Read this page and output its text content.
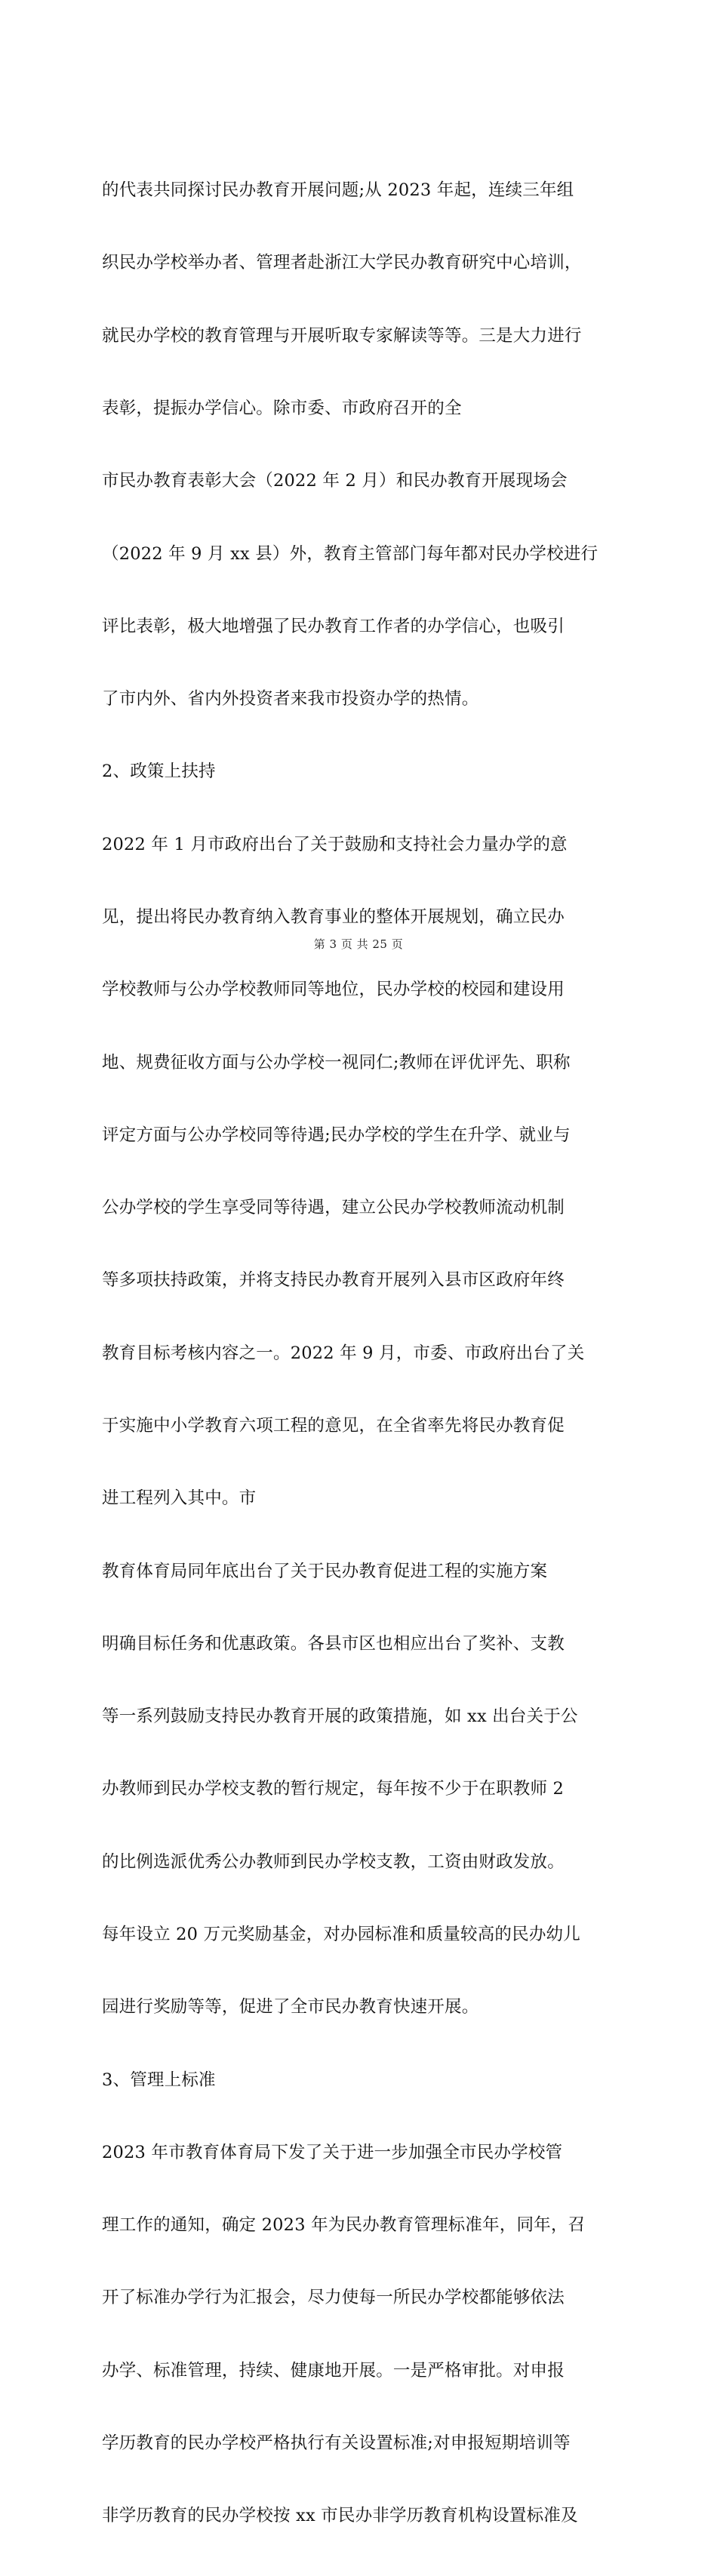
的代表共同探讨民办教育开展问题;从 2023 年起，连续三年组

织民办学校举办者、管理者赴浙江大学民办教育研究中心培训，

就民办学校的教育管理与开展听取专家解读等等。三是大力进行

表彰，提振办学信心。除市委、市政府召开的全

市民办教育表彰大会（2022 年 2 月）和民办教育开展现场会

（2022 年 9 月 xx 县）外，教育主管部门每年都对民办学校进行

评比表彰，极大地增强了民办教育工作者的办学信心，也吸引

了市内外、省内外投资者来我市投资办学的热情。

2、政策上扶持

2022 年 1 月市政府出台了关于鼓励和支持社会力量办学的意

见，提出将民办教育纳入教育事业的整体开展规划，确立民办

学校教师与公办学校教师同等地位，民办学校的校园和建设用

地、规费征收方面与公办学校一视同仁;教师在评优评先、职称

评定方面与公办学校同等待遇;民办学校的学生在升学、就业与

公办学校的学生享受同等待遇，建立公民办学校教师流动机制

等多项扶持政策，并将支持民办教育开展列入县市区政府年终

教育目标考核内容之一。2022 年 9 月，市委、市政府出台了关

于实施中小学教育六项工程的意见，在全省率先将民办教育促

进工程列入其中。市

教育体育局同年底出台了关于民办教育促进工程的实施方案

明确目标任务和优惠政策。各县市区也相应出台了奖补、支教

等一系列鼓励支持民办教育开展的政策措施，如 xx 出台关于公

办教师到民办学校支教的暂行规定，每年按不少于在职教师 2

的比例选派优秀公办教师到民办学校支教，工资由财政发放。

每年设立 20 万元奖励基金，对办园标准和质量较高的民办幼儿

园进行奖励等等，促进了全市民办教育快速开展。

3、管理上标准

2023 年市教育体育局下发了关于进一步加强全市民办学校管

理工作的通知，确定 2023 年为民办教育管理标准年，同年，召

开了标准办学行为汇报会，尽力使每一所民办学校都能够依法

办学、标准管理，持续、健康地开展。一是严格审批。对申报

学历教育的民办学校严格执行有关设置标准;对申报短期培训等

非学历教育的民办学校按 xx 市民办非学历教育机构设置标准及

第 3 页 共 25 页
